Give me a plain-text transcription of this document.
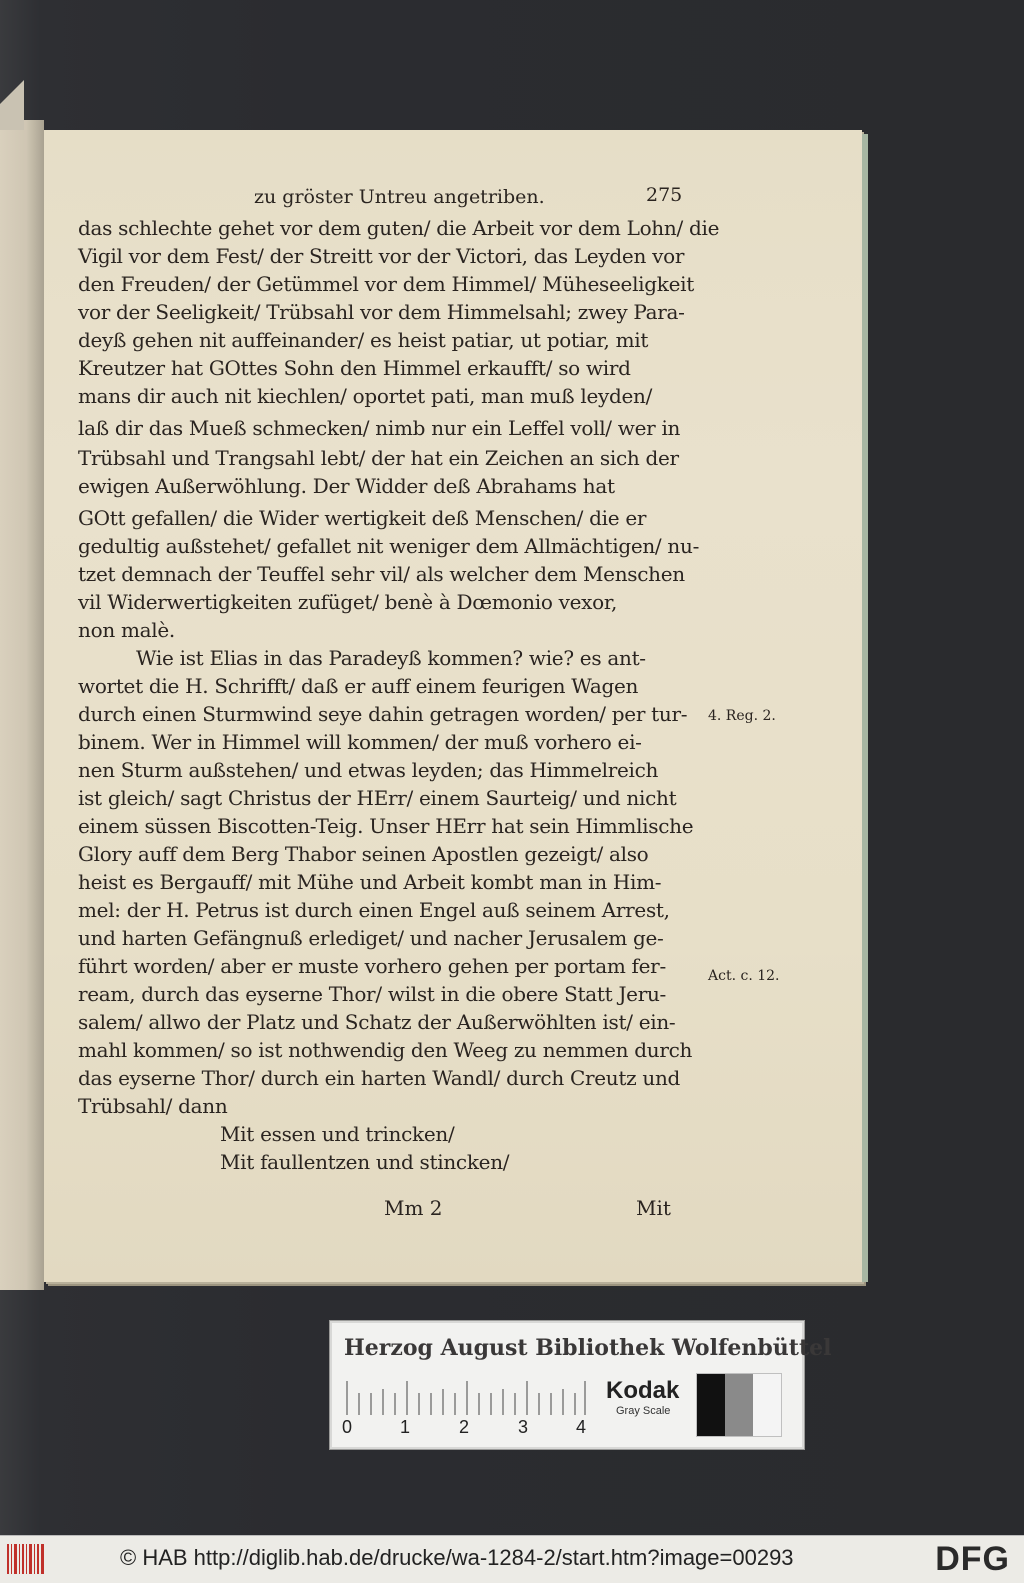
zu gröster Untreu angetriben.	275
das schlechte gehet vor dem guten/ die Arbeit vor dem Lohn/ die
Vigil vor dem Fest/ der Streitt vor der Victori, das Leyden vor
den Freuden/ der Getümmel vor dem Himmel/ Müheseeligkeit
vor der Seeligkeit/ Trübsahl vor dem Himmelsahl; zwey Para-
deyß gehen nit auffeinander/ es heist patiar, ut potiar, mit
Kreutzer hat GOttes Sohn den Himmel erkaufft/ so wird
mans dir auch nit kiechlen/ oportet pati, man muß leyden/
laß dir das Mueß schmecken/ nimb nur ein Leffel voll/ wer in
Trübsahl und Trangsahl lebt/ der hat ein Zeichen an sich der
ewigen Außerwöhlung. Der Widder deß Abrahams hat
GOtt gefallen/ die Wider wertigkeit deß Menschen/ die er
gedultig außstehet/ gefallet nit weniger dem Allmächtigen/ nu-
tzet demnach der Teuffel sehr vil/ als welcher dem Menschen
vil Widerwertigkeiten zufüget/ benè à Dœmonio vexor,
non malè.
Wie ist Elias in das Paradeyß kommen? wie? es ant-
wortet die H. Schrifft/ daß er auff einem feurigen Wagen
durch einen Sturmwind seye dahin getragen worden/ per tur-
binem. Wer in Himmel will kommen/ der muß vorhero ei-
nen Sturm außstehen/ und etwas leyden; das Himmelreich
ist gleich/ sagt Christus der HErr/ einem Saurteig/ und nicht
einem süssen Biscotten-Teig. Unser HErr hat sein Himmlische
Glory auff dem Berg Thabor seinen Apostlen gezeigt/ also
heist es Bergauff/ mit Mühe und Arbeit kombt man in Him-
mel: der H. Petrus ist durch einen Engel auß seinem Arrest,
und harten Gefängnuß erlediget/ und nacher Jerusalem ge-
führt worden/ aber er muste vorhero gehen per portam fer-
ream, durch das eyserne Thor/ wilst in die obere Statt Jeru-
salem/ allwo der Platz und Schatz der Außerwöhlten ist/ ein-
mahl kommen/ so ist nothwendig den Weeg zu nemmen durch
das eyserne Thor/ durch ein harten Wandl/ durch Creutz und
Trübsahl/ dann
Mit essen und trincken/
Mit faullentzen und stincken/
4. Reg. 2.
Act. c. 12.
Mm 2	Mit
Herzog August Bibliothek Wolfenbüttel
0	1	2	3	4
Kodak
Gray Scale
© HAB http://diglib.hab.de/drucke/wa-1284-2/start.htm?image=00293	DFG
